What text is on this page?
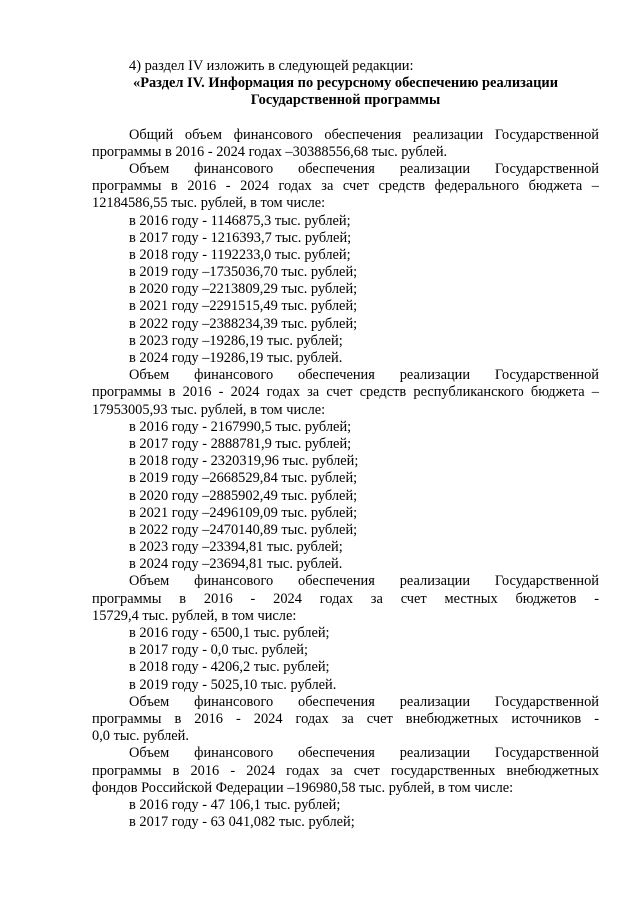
4) раздел IV изложить в следующей редакции:
«Раздел IV. Информация по ресурсному обеспечению реализации
Государственной программы
Общий объем финансового обеспечения реализации Государственной
программы в 2016 - 2024 годах –30388556,68 тыс. рублей.
Объем финансового обеспечения реализации Государственной
программы в 2016 - 2024 годах за счет средств федерального бюджета –
12184586,55 тыс. рублей, в том числе:
в 2016 году - 1146875,3 тыс. рублей;
в 2017 году - 1216393,7 тыс. рублей;
в 2018 году - 1192233,0 тыс. рублей;
в 2019 году –1735036,70 тыс. рублей;
в 2020 году –2213809,29 тыс. рублей;
в 2021 году –2291515,49 тыс. рублей;
в 2022 году –2388234,39 тыс. рублей;
в 2023 году –19286,19 тыс. рублей;
в 2024 году –19286,19 тыс. рублей.
Объем финансового обеспечения реализации Государственной
программы в 2016 - 2024 годах за счет средств республиканского бюджета –
17953005,93 тыс. рублей, в том числе:
в 2016 году - 2167990,5 тыс. рублей;
в 2017 году - 2888781,9 тыс. рублей;
в 2018 году - 2320319,96 тыс. рублей;
в 2019 году –2668529,84 тыс. рублей;
в 2020 году –2885902,49 тыс. рублей;
в 2021 году –2496109,09 тыс. рублей;
в 2022 году –2470140,89 тыс. рублей;
в 2023 году –23394,81 тыс. рублей;
в 2024 году –23694,81 тыс. рублей.
Объем финансового обеспечения реализации Государственной
программы в 2016 - 2024 годах за счет местных бюджетов -
15729,4 тыс. рублей, в том числе:
в 2016 году - 6500,1 тыс. рублей;
в 2017 году - 0,0 тыс. рублей;
в 2018 году - 4206,2 тыс. рублей;
в 2019 году - 5025,10 тыс. рублей.
Объем финансового обеспечения реализации Государственной
программы в 2016 - 2024 годах за счет внебюджетных источников -
0,0 тыс. рублей.
Объем финансового обеспечения реализации Государственной
программы в 2016 - 2024 годах за счет государственных внебюджетных
фондов Российской Федерации –196980,58 тыс. рублей, в том числе:
в 2016 году - 47 106,1 тыс. рублей;
в 2017 году - 63 041,082 тыс. рублей;
